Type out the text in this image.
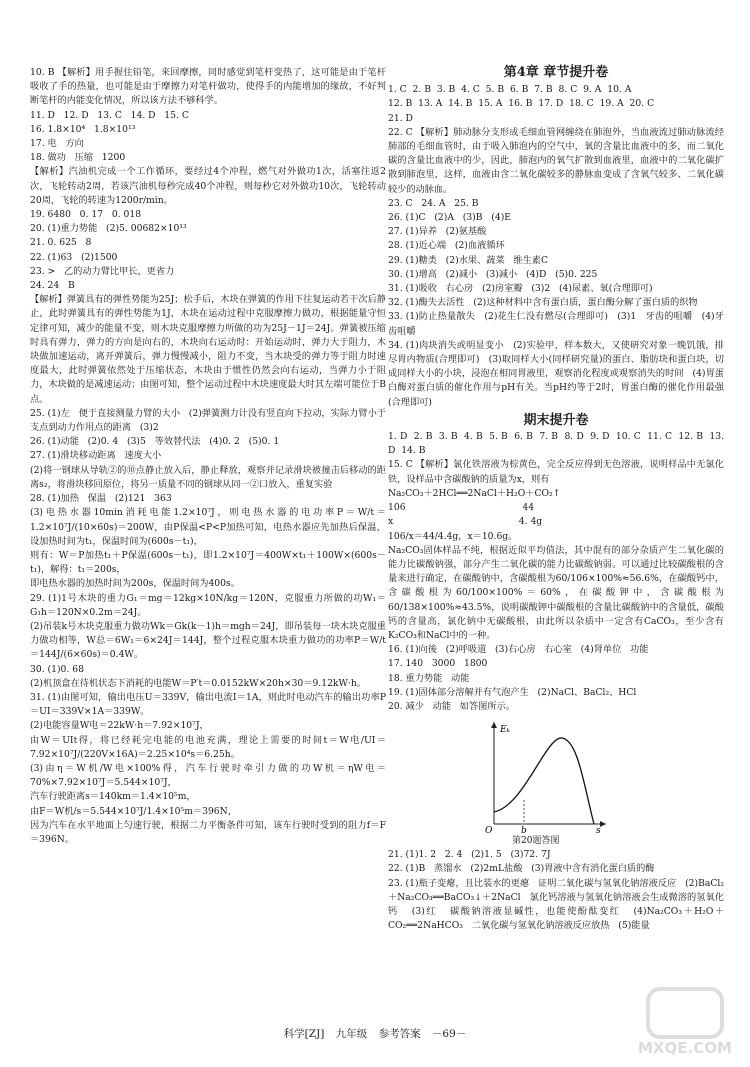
10. B 【解析】用手握住铅笔，来回摩擦，同时感觉到笔杆变热了，这可能是由于笔杆吸收了手的热量，也可能是由于摩擦力对笔杆做功，使得手的内能增加的缘故，不好判断笔杆的内能变化情况，所以该方法不够科学。

11. D   12. D   13. C   14. D   15. C

16. 1.8×10⁴   1.8×10¹³

17. 电   方向

18. 做功   压缩   1200

【解析】汽油机完成一个工作循环，要经过4个冲程，燃气对外做功1次，活塞往返2次，飞轮转动2周，若该汽油机每秒完成40个冲程，则每秒它对外做功10次，飞轮转动20周，飞轮的转速为1200r/min。

19. 6480   0. 17   0. 018

20. (1)重力势能   (2)5. 00682×10¹³

21. 0. 625   8

22. (1)63   (2)1500

23. >   乙的动力臂比甲长，更省力

24. 24   B

【解析】弹簧具有的弹性势能为25J；松手后，木块在弹簧的作用下往复运动若干次后静止，此时弹簧具有的弹性势能为1J，木块在运动过程中克服摩擦力做功，根据能量守恒定律可知，减少的能量不变，则木块克服摩擦力所做的功为25J－1J＝24J。弹簧被压缩时具有弹力，弹力的方向是向右的，木块向右运动时：开始运动时，弹力大于阻力，木块做加速运动，离开弹簧后，弹力慢慢减小，阻力不变，当木块受的弹力等于阻力时速度最大，此时弹簧依然处于压缩状态，木块由于惯性仍然会向右运动，当弹力小于阻力，木块做的是减速运动；由图可知，整个运动过程中木块速度最大时其左端可能位于B点。

25. (1)左   便于直接测量力臂的大小   (2)弹簧测力计没有竖直向下拉动，实际力臂小于支点到动力作用点的距离   (3)2

26. (1)动能   (2)0. 4   (3)5   等效替代法   (4)0. 2   (5)0. 1

27. (1)滑块移动距离   速度大小

(2)将一钢球从导轨②的⑩点静止放入后，静止释放，观察并记录滑块被撞击后移动的距离s₂，将滑块移回原位，将另一质量不同的钢球从同一②口放入，重复实验

28. (1)加热   保温   (2)121   363

(3)电热水器10min消耗电能1.2×10⁷J，则电热水器的电功率P＝W/t＝1.2×10⁷J/(10×60s)＝200W，由P保温<P<P加热可知，电热水器应先加热后保温，设加热时间为t₁，保温时间为(600s－t₁)，

则有：W＝P加热t₁＋P保温(600s－t₁)，即1.2×10⁷J＝400W×t₁＋100W×(600s－t₁)，解得：t₁＝200s，

即电热水器的加热时间为200s，保温时间为400s。

29. (1)1号木块的重力G₁＝mg＝12kg×10N/kg＝120N，克服重力所做的功W₁＝G₁h＝120N×0.2m＝24J。

(2)吊装k号木块克服重力做功Wk＝Gk(k－1)h＝mgh＝24J，即吊装每一块木块克服重力做功相等，W总＝6W₁＝6×24J＝144J，整个过程克服木块重力做功的功率P＝W/t＝144J/(6×60s)＝0.4W。

30. (1)0. 68

(2)机顶盒在待机状态下消耗的电能W＝P′t＝0.0152kW×20h×30＝9.12kW·h。

31. (1)由图可知，输出电压U＝339V，输出电流I＝1A，则此时电动汽车的输出功率P＝UI＝339V×1A＝339W。

(2)电能容量W电＝22kW·h＝7.92×10⁷J，

由W＝UIt得，将已经耗完电能的电池充满，理论上需要的时间t＝W电/UI＝7.92×10⁷J/(220V×16A)＝2.25×10⁴s＝6.25h。

(3)由η＝W机/W电×100%得，汽车行驶时牵引力做的功W机＝ηW电＝70%×7.92×10⁷J＝5.544×10⁷J，

汽车行驶距离s＝140km＝1.4×10⁵m，

由F＝W机/s＝5.544×10⁷J/1.4×10⁵m＝396N，

因为汽车在水平地面上匀速行驶，根据二力平衡条件可知，该车行驶时受到的阻力f＝F＝396N。

第4章 章节提升卷

1. C  2. B  3. B  4. C  5. B  6. B  7. B  8. C  9. A  10. A

12. B  13. A  14. B  15. A  16. B  17. D  18. C  19. A  20. C

21. D

22. C 【解析】肺动脉分支形成毛细血管网缠绕在肺泡外，当血液流过肺动脉流经肺部的毛细血管时，由于吸入肺泡内的空气中，氧的含量比血液中的多，而二氧化碳的含量比血液中的少，因此，肺泡内的氧气扩散到血液里，血液中的二氧化碳扩散到肺泡里，这样，血液由含二氧化碳较多的静脉血变成了含氧气较多、二氧化碳较少的动脉血。

23. C   24. A   25. B

26. (1)C   (2)A   (3)B   (4)E

27. (1)异养   (2)氨基酸

28. (1)近心端   (2)血液循环

29. (1)糖类   (2)水果、蔬菜   维生素C

30. (1)增高   (2)减小   (3)减小   (4)D   (5)0. 225

31. (1)吸收   右心房   (2)房室瓣   (3)2   (4)尿素、氧(合理即可)

32. (1)酶失去活性   (2)这种材料中含有蛋白质，蛋白酶分解了蛋白质的织物

33. (1)防止热量散失   (2)花生仁没有燃尽(合理即可)   (3)1   牙齿的咀嚼   (4)牙齿咀嚼

34. (1)肉块消失或明显变小   (2)实验甲，样本数大，又使研究对象一晚饥饿，排尽胃内物质(合理即可)   (3)取同样大小(同样研究量)的蛋白、脂肪块和蛋白块，切成同样大小的小块，浸泡在相同胃液里，观察消化程度或观察消失的时间   (4)胃蛋白酶对蛋白质的催化作用与pH有关。当pH约等于2时，胃蛋白酶的催化作用最强(合理即可)

期末提升卷

1. D  2. B  3. B  4. B  5. B  6. B  7. B  8. D  9. D  10. C  11. C  12. B  13. D  14. B

15. C 【解析】氯化铁溶液为棕黄色，完全反应得到无色溶液，说明样品中无氯化铁，设样品中含碳酸钠的质量为x，则有

Na₂CO₃＋2HCl══2NaCl＋H₂O＋CO₂↑

106                                        44

x                                           4. 4g

106/x＝44/4.4g，x＝10.6g。

Na₂CO₃固体样品不纯，根据近似平均值法，其中混有的部分杂质产生二氧化碳的能力比碳酸钠强，部分产生二氧化碳的能力比碳酸钠弱。可以通过比较碳酸根的含量来进行确定，在碳酸钠中，含碳酸根为60/106×100%≈56.6%，在碳酸钙中，含碳酸根为60/100×100%＝60%，在碳酸钾中，含碳酸根为60/138×100%≈43.5%，说明碳酸钾中碳酸根的含量比碳酸钠中的含量低，碳酸钙的含量高，氯化钠中无碳酸根，由此所以杂质中一定含有CaCO₃，至少含有K₂CO₃和NaCl中的一种。

16. (1)向後   (2)呼吸道   (3)右心房   右心室   (4)肾单位   功能

17. 140   3000   1800

18. 重力势能   动能

19. (1)固体部分溶解并有气泡产生   (2)NaCl、BaCl₂、HCl

20. 减少   动能   如答图所示。

Eₖ
O	b	s
第20题答图

21. (1)1. 2   2. 4   (2)1. 5   (3)72. 7J

22. (1)B   蒸馏水   (2)2mL盐酸   (3)胃液中含有消化蛋白质的酶

23. (1)瓶子变瘪，且比装水的更瘪   证明二氧化碳与氢氧化钠溶液反应   (2)BaCl₂＋Na₂CO₃══BaCO₃↓＋2NaCl   氯化钙溶液与氢氧化钠溶液会生成微溶的氢氧化钙   (3)红   碳酸钠溶液显碱性，也能使酚酞变红   (4)Na₂CO₃＋H₂O＋CO₂══2NaHCO₃   二氧化碳与氢氧化钠溶液反应放热   (5)能量

科学[ZJ] 九年级 参考答案 －69－
MXQE.COM
